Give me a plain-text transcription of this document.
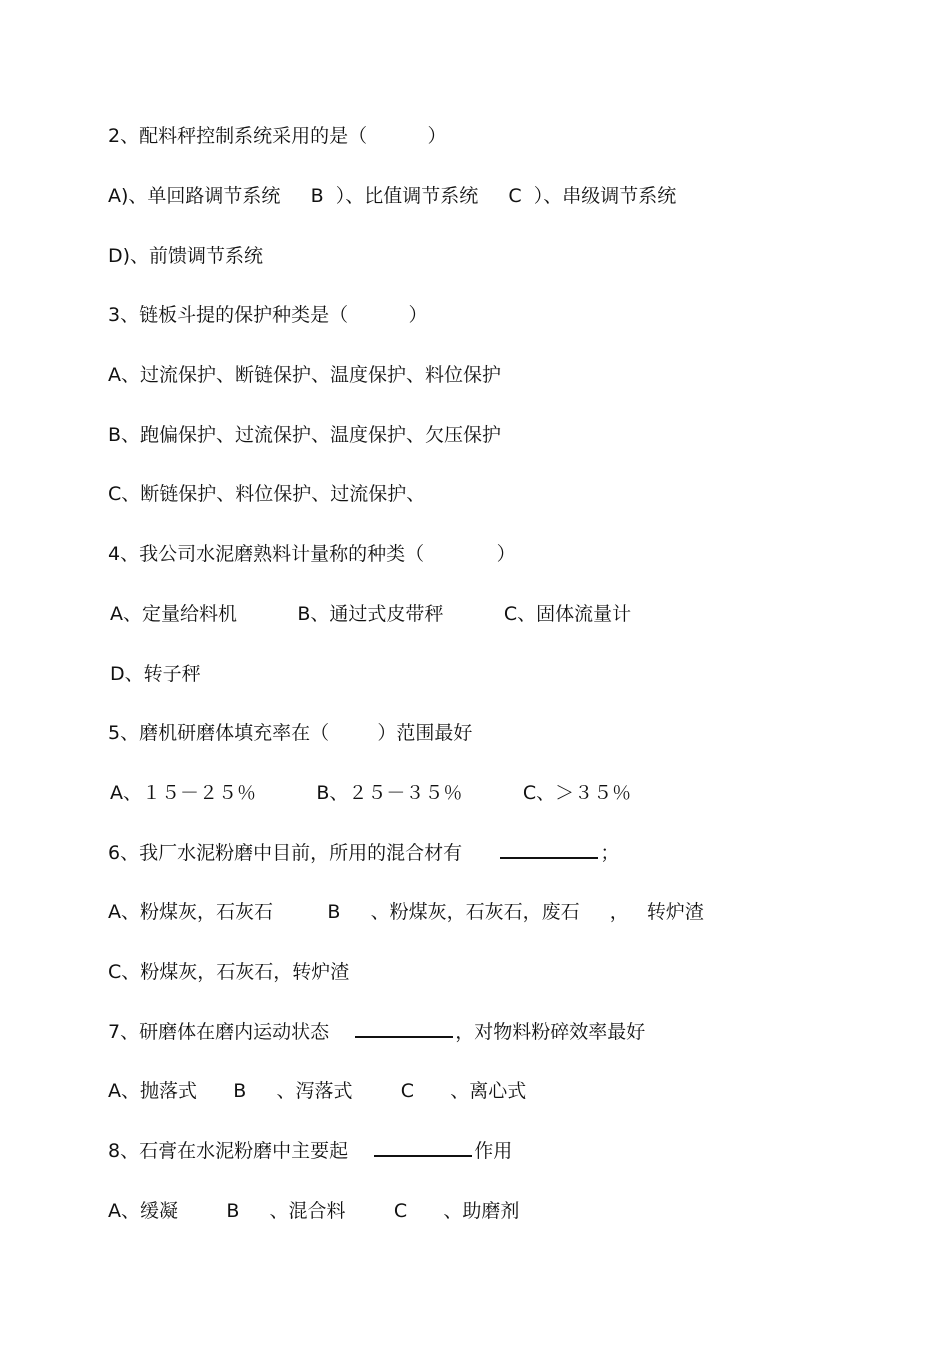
2、配料秤控制系统采用的是（          ）
A)、单回路调节系统     B  ）、比值调节系统     C  ）、串级调节系统
D)、前馈调节系统
3、链板斗提的保护种类是（          ）
A、过流保护、断链保护、温度保护、料位保护
B、跑偏保护、过流保护、温度保护、欠压保护
C、断链保护、料位保护、过流保护、
4、我公司水泥磨熟料计量称的种类（            ）
A、定量给料机          B、通过式皮带秤          C、固体流量计
D、转子秤
5、磨机研磨体填充率在（        ）范围最好
A、１５－２５％          B、２５－３５％          C、＞３５％
6、我厂水泥粉磨中目前，所用的混合材有	；
A、粉煤灰，石灰石         B     、粉煤灰，石灰石，废石     ，   转炉渣
C、粉煤灰，石灰石，转炉渣
7、研磨体在磨内运动状态	，对物料粉碎效率最好
A、抛落式      B     、泻落式        C      、离心式
8、石膏在水泥粉磨中主要起	作用
A、缓凝        B     、混合料        C      、助磨剂
